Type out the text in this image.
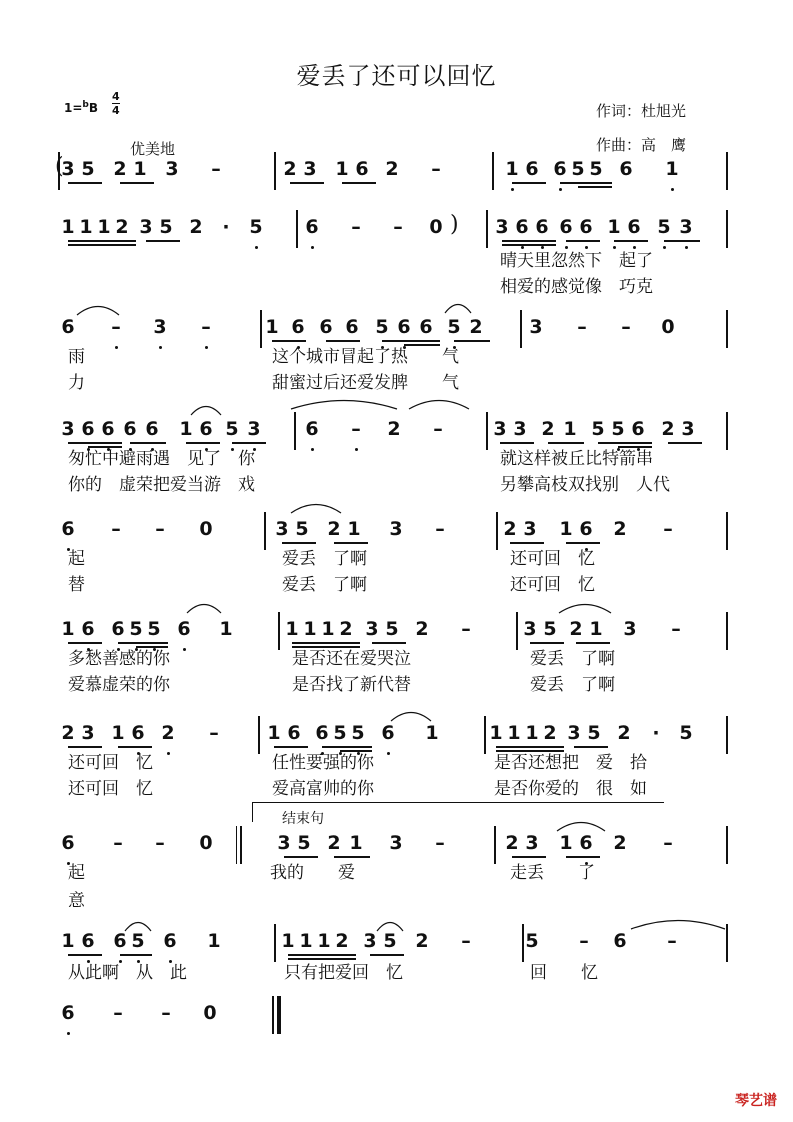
爱丢了还可以回忆
1=$^b$B
4
4	作词：杜旭光
作曲：高　鹰
优美地
3 5 2 1 3 –	2 3 1 6 2 –	1 6 6 5 5 6 1
(
1 1 1 2 3 5 2 · 5 6 – – 0	3 6 6 6 6 1 6 5 3
)
晴天里忽然下　起了
相爱的感觉像　巧克
6 – 3 –	1 6 6 6 5 6 6 5 2 3 – – 0
雨
力
这个城市冒起了热　　气
甜蜜过后还爱发脾　　气
3 6 6 6 6 1 6 5 3 6 – 2 –	3 3 2 1 5 5 6 2 3
匆忙中避雨遇　见了　你
你的　虚荣把爱当游　戏
就这样被丘比特箭串
另攀高枝双找别　人代
6 – – 0	3 5 2 1 3 –	2 3 1 6 2 –
起
替
爱丢　了啊
爱丢　了啊
还可回　忆
还可回　忆
1 6 6 5 5 6 1	1 1 1 2 3 5 2 –	3 5 2 1 3 –
多愁善感的你
爱慕虚荣的你
是否还在爱哭泣
是否找了新代替
爱丢　了啊
爱丢　了啊
2 3 1 6 2 –	1 6 6 5 5 6 1	1 1 1 2 3 5 2 · 5
还可回　忆
还可回　忆
任性要强的你
爱高富帅的你
是否还想把　爱　拾
是否你爱的　很　如
6 – – 0	3 5 2 1 3 –	2 3 1 6 2 –
起
意
我的　　爱	走丢　　了
1 6 6 5 6 1	1 1 1 2 3 5 2 –	5 – 6 –
从此啊　从　此	只有把爱回　忆	回　　忆
6 – – 0
结束句
琴艺谱
